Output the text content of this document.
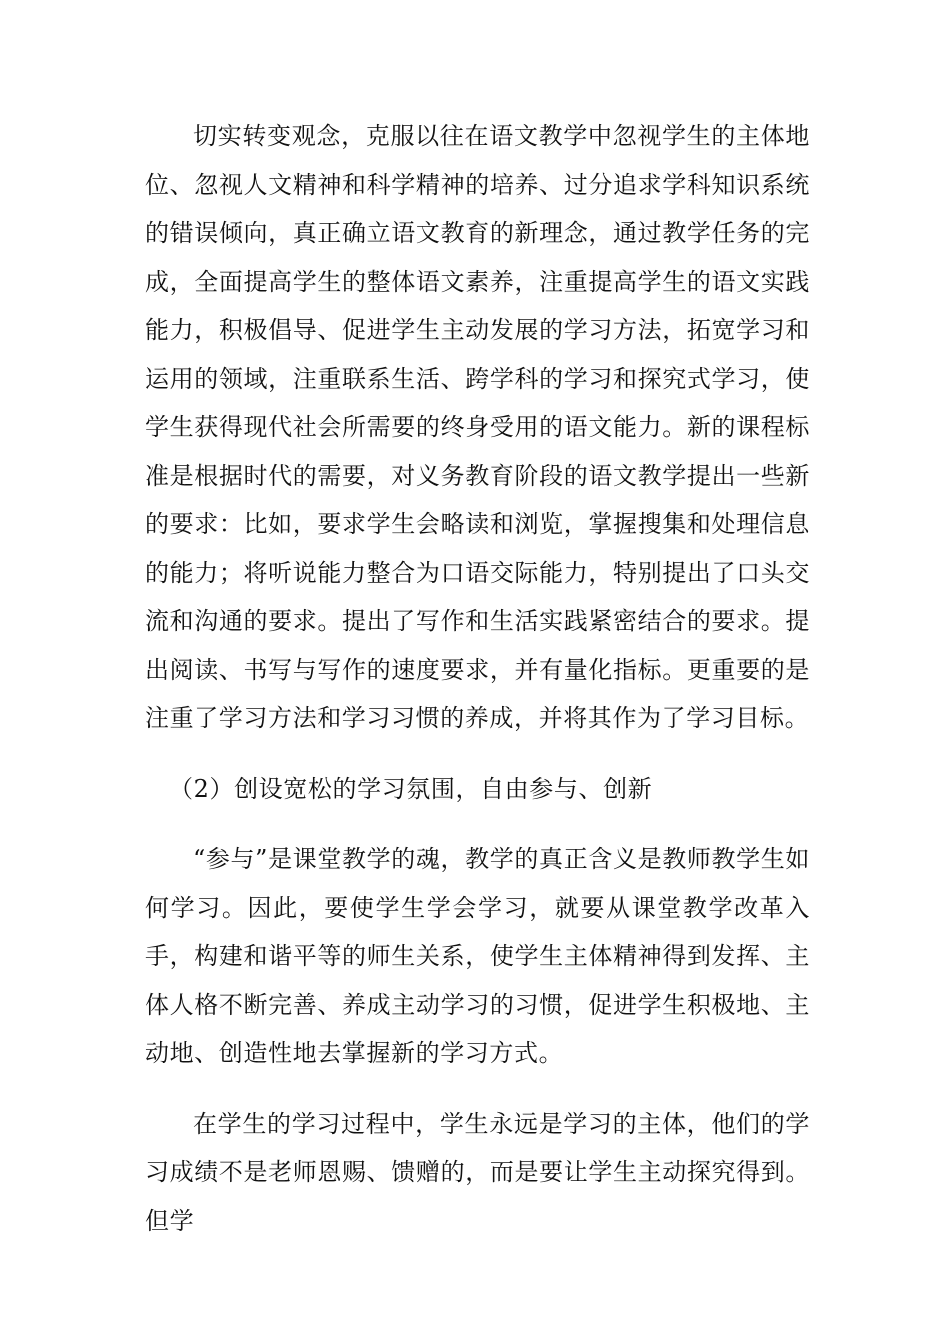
切实转变观念，克服以往在语文教学中忽视学生的主体地位、忽视人文精神和科学精神的培养、过分追求学科知识系统的错误倾向，真正确立语文教育的新理念，通过教学任务的完成，全面提高学生的整体语文素养，注重提高学生的语文实践能力，积极倡导、促进学生主动发展的学习方法，拓宽学习和运用的领域，注重联系生活、跨学科的学习和探究式学习，使学生获得现代社会所需要的终身受用的语文能力。新的课程标准是根据时代的需要，对义务教育阶段的语文教学提出一些新的要求：比如，要求学生会略读和浏览，掌握搜集和处理信息的能力；将听说能力整合为口语交际能力，特别提出了口头交流和沟通的要求。提出了写作和生活实践紧密结合的要求。提出阅读、书写与写作的速度要求，并有量化指标。更重要的是注重了学习方法和学习习惯的养成，并将其作为了学习目标。

（2）创设宽松的学习氛围，自由参与、创新

“参与”是课堂教学的魂，教学的真正含义是教师教学生如何学习。因此，要使学生学会学习，就要从课堂教学改革入手，构建和谐平等的师生关系，使学生主体精神得到发挥、主体人格不断完善、养成主动学习的习惯，促进学生积极地、主动地、创造性地去掌握新的学习方式。

在学生的学习过程中，学生永远是学习的主体，他们的学习成绩不是老师恩赐、馈赠的，而是要让学生主动探究得到。但学
